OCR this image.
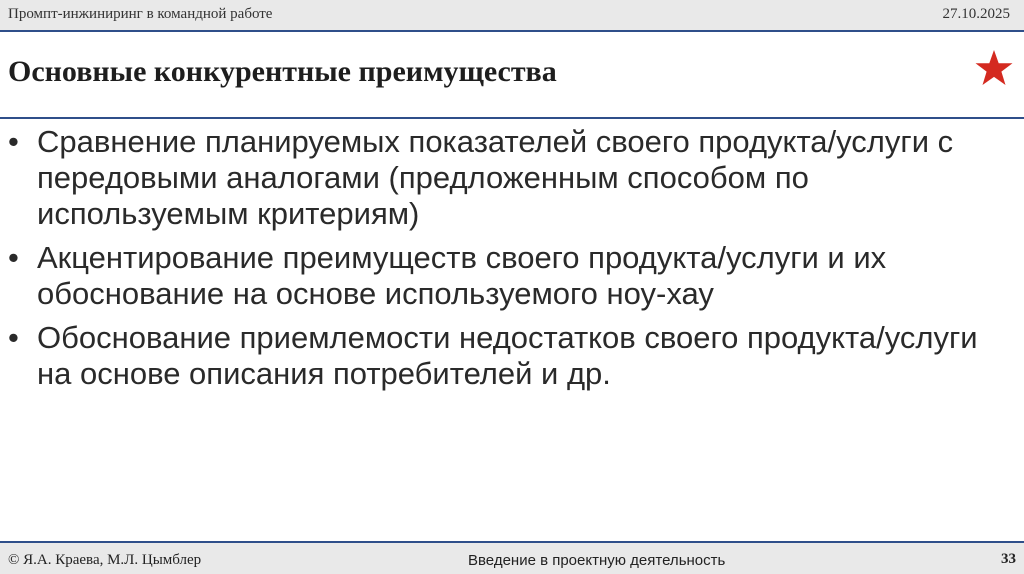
Промпт-инжиниринг в командной работе	27.10.2025
Основные конкурентные преимущества
• Сравнение планируемых показателей своего продукта/услуги с передовыми аналогами (предложенным способом по используемым критериям)
• Акцентирование преимуществ своего продукта/услуги и их обоснование на основе используемого ноу-хау
• Обоснование приемлемости недостатков своего продукта/услуги на основе описания потребителей и др.
© Я.А. Краева, М.Л. Цымблер	Введение в проектную деятельность	33
